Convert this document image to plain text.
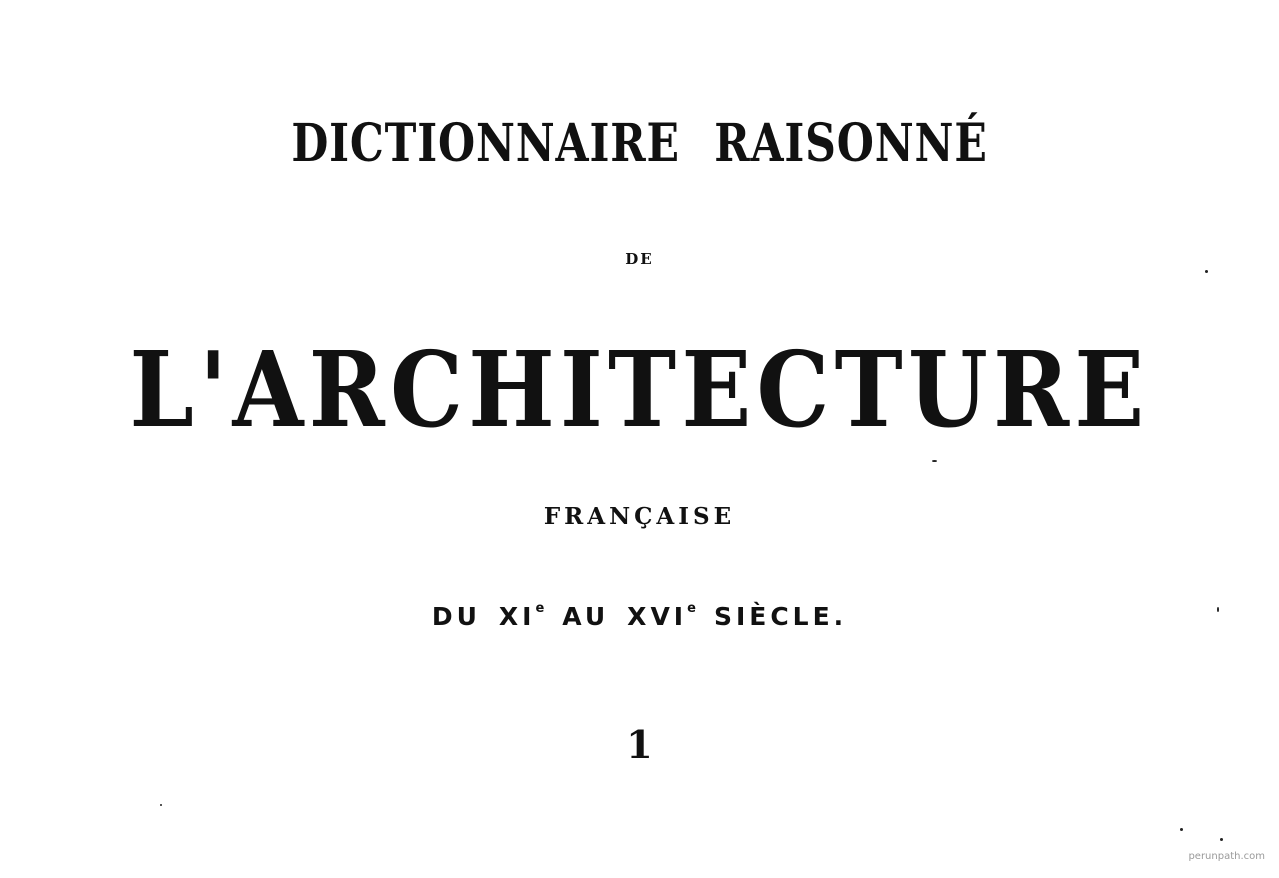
DICTIONNAIRE RAISONNÉ
DE
L'ARCHITECTURE
FRANÇAISE
DU XIe AU XVIe SIÈCLE.
1
perunpath.com
